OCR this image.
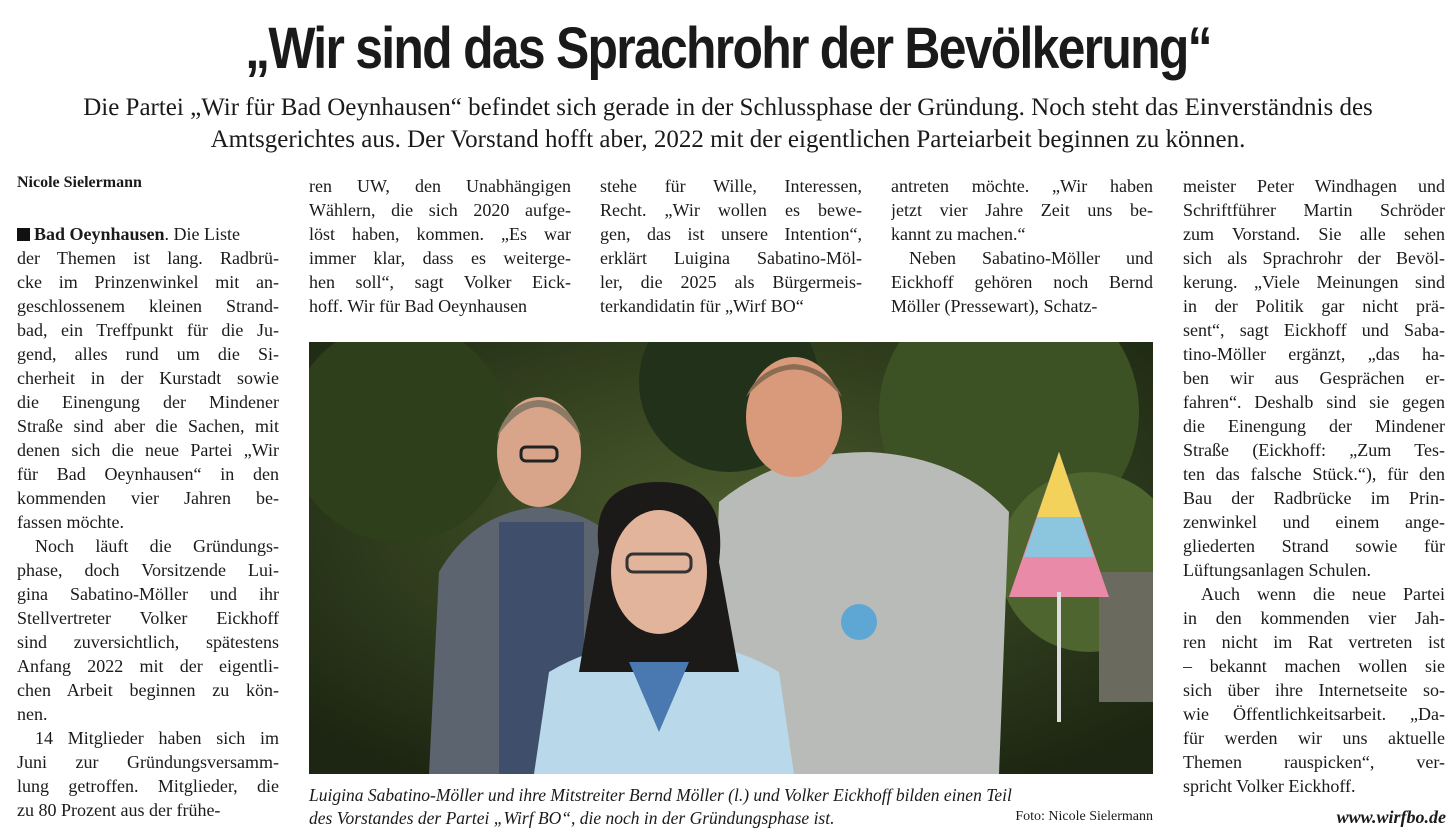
„Wir sind das Sprachrohr der Bevölkerung“
Die Partei „Wir für Bad Oeynhausen“ befindet sich gerade in der Schlussphase der Gründung. Noch steht das Einverständnis des
Amtsgerichtes aus. Der Vorstand hofft aber, 2022 mit der eigentlichen Parteiarbeit beginnen zu können.
Nicole Sielermann
Bad Oeynhausen. Die Liste
der Themen ist lang. Radbrü-
cke im Prinzenwinkel mit an-
geschlossenem kleinen Strand-
bad, ein Treffpunkt für die Ju-
gend, alles rund um die Si-
cherheit in der Kurstadt sowie
die Einengung der Mindener
Straße sind aber die Sachen, mit
denen sich die neue Partei „Wir
für Bad Oeynhausen“ in den
kommenden vier Jahren be-
fassen möchte.
Noch läuft die Gründungs-
phase, doch Vorsitzende Lui-
gina Sabatino-Möller und ihr
Stellvertreter Volker Eickhoff
sind zuversichtlich, spätestens
Anfang 2022 mit der eigentli-
chen Arbeit beginnen zu kön-
nen.
14 Mitglieder haben sich im
Juni zur Gründungsversamm-
lung getroffen. Mitglieder, die
zu 80 Prozent aus der frühe-
ren UW, den Unabhängigen
Wählern, die sich 2020 aufge-
löst haben, kommen. „Es war
immer klar, dass es weiterge-
hen soll“, sagt Volker Eick-
hoff. Wir für Bad Oeynhausen
stehe für Wille, Interessen,
Recht. „Wir wollen es bewe-
gen, das ist unsere Intention“,
erklärt Luigina Sabatino-Möl-
ler, die 2025 als Bürgermeis-
terkandidatin für „Wirf BO“
antreten möchte. „Wir haben
jetzt vier Jahre Zeit uns be-
kannt zu machen.“
Neben Sabatino-Möller und
Eickhoff gehören noch Bernd
Möller (Pressewart), Schatz-
meister Peter Windhagen und
Schriftführer Martin Schröder
zum Vorstand. Sie alle sehen
sich als Sprachrohr der Bevöl-
kerung. „Viele Meinungen sind
in der Politik gar nicht prä-
sent“, sagt Eickhoff und Saba-
tino-Möller ergänzt, „das ha-
ben wir aus Gesprächen er-
fahren“. Deshalb sind sie gegen
die Einengung der Mindener
Straße (Eickhoff: „Zum Tes-
ten das falsche Stück.“), für den
Bau der Radbrücke im Prin-
zenwinkel und einem ange-
gliederten Strand sowie für
Lüftungsanlagen Schulen.
Auch wenn die neue Partei
in den kommenden vier Jah-
ren nicht im Rat vertreten ist
– bekannt machen wollen sie
sich über ihre Internetseite so-
wie Öffentlichkeitsarbeit. „Da-
für werden wir uns aktuelle
Themen rauspicken“, ver-
spricht Volker Eickhoff.
Luigina Sabatino-Möller und ihre Mitstreiter Bernd Möller (l.) und Volker Eickhoff bilden einen Teil
des Vorstandes der Partei „Wirf BO“, die noch in der Gründungsphase ist.	Foto: Nicole Sielermann	www.wirfbo.de
